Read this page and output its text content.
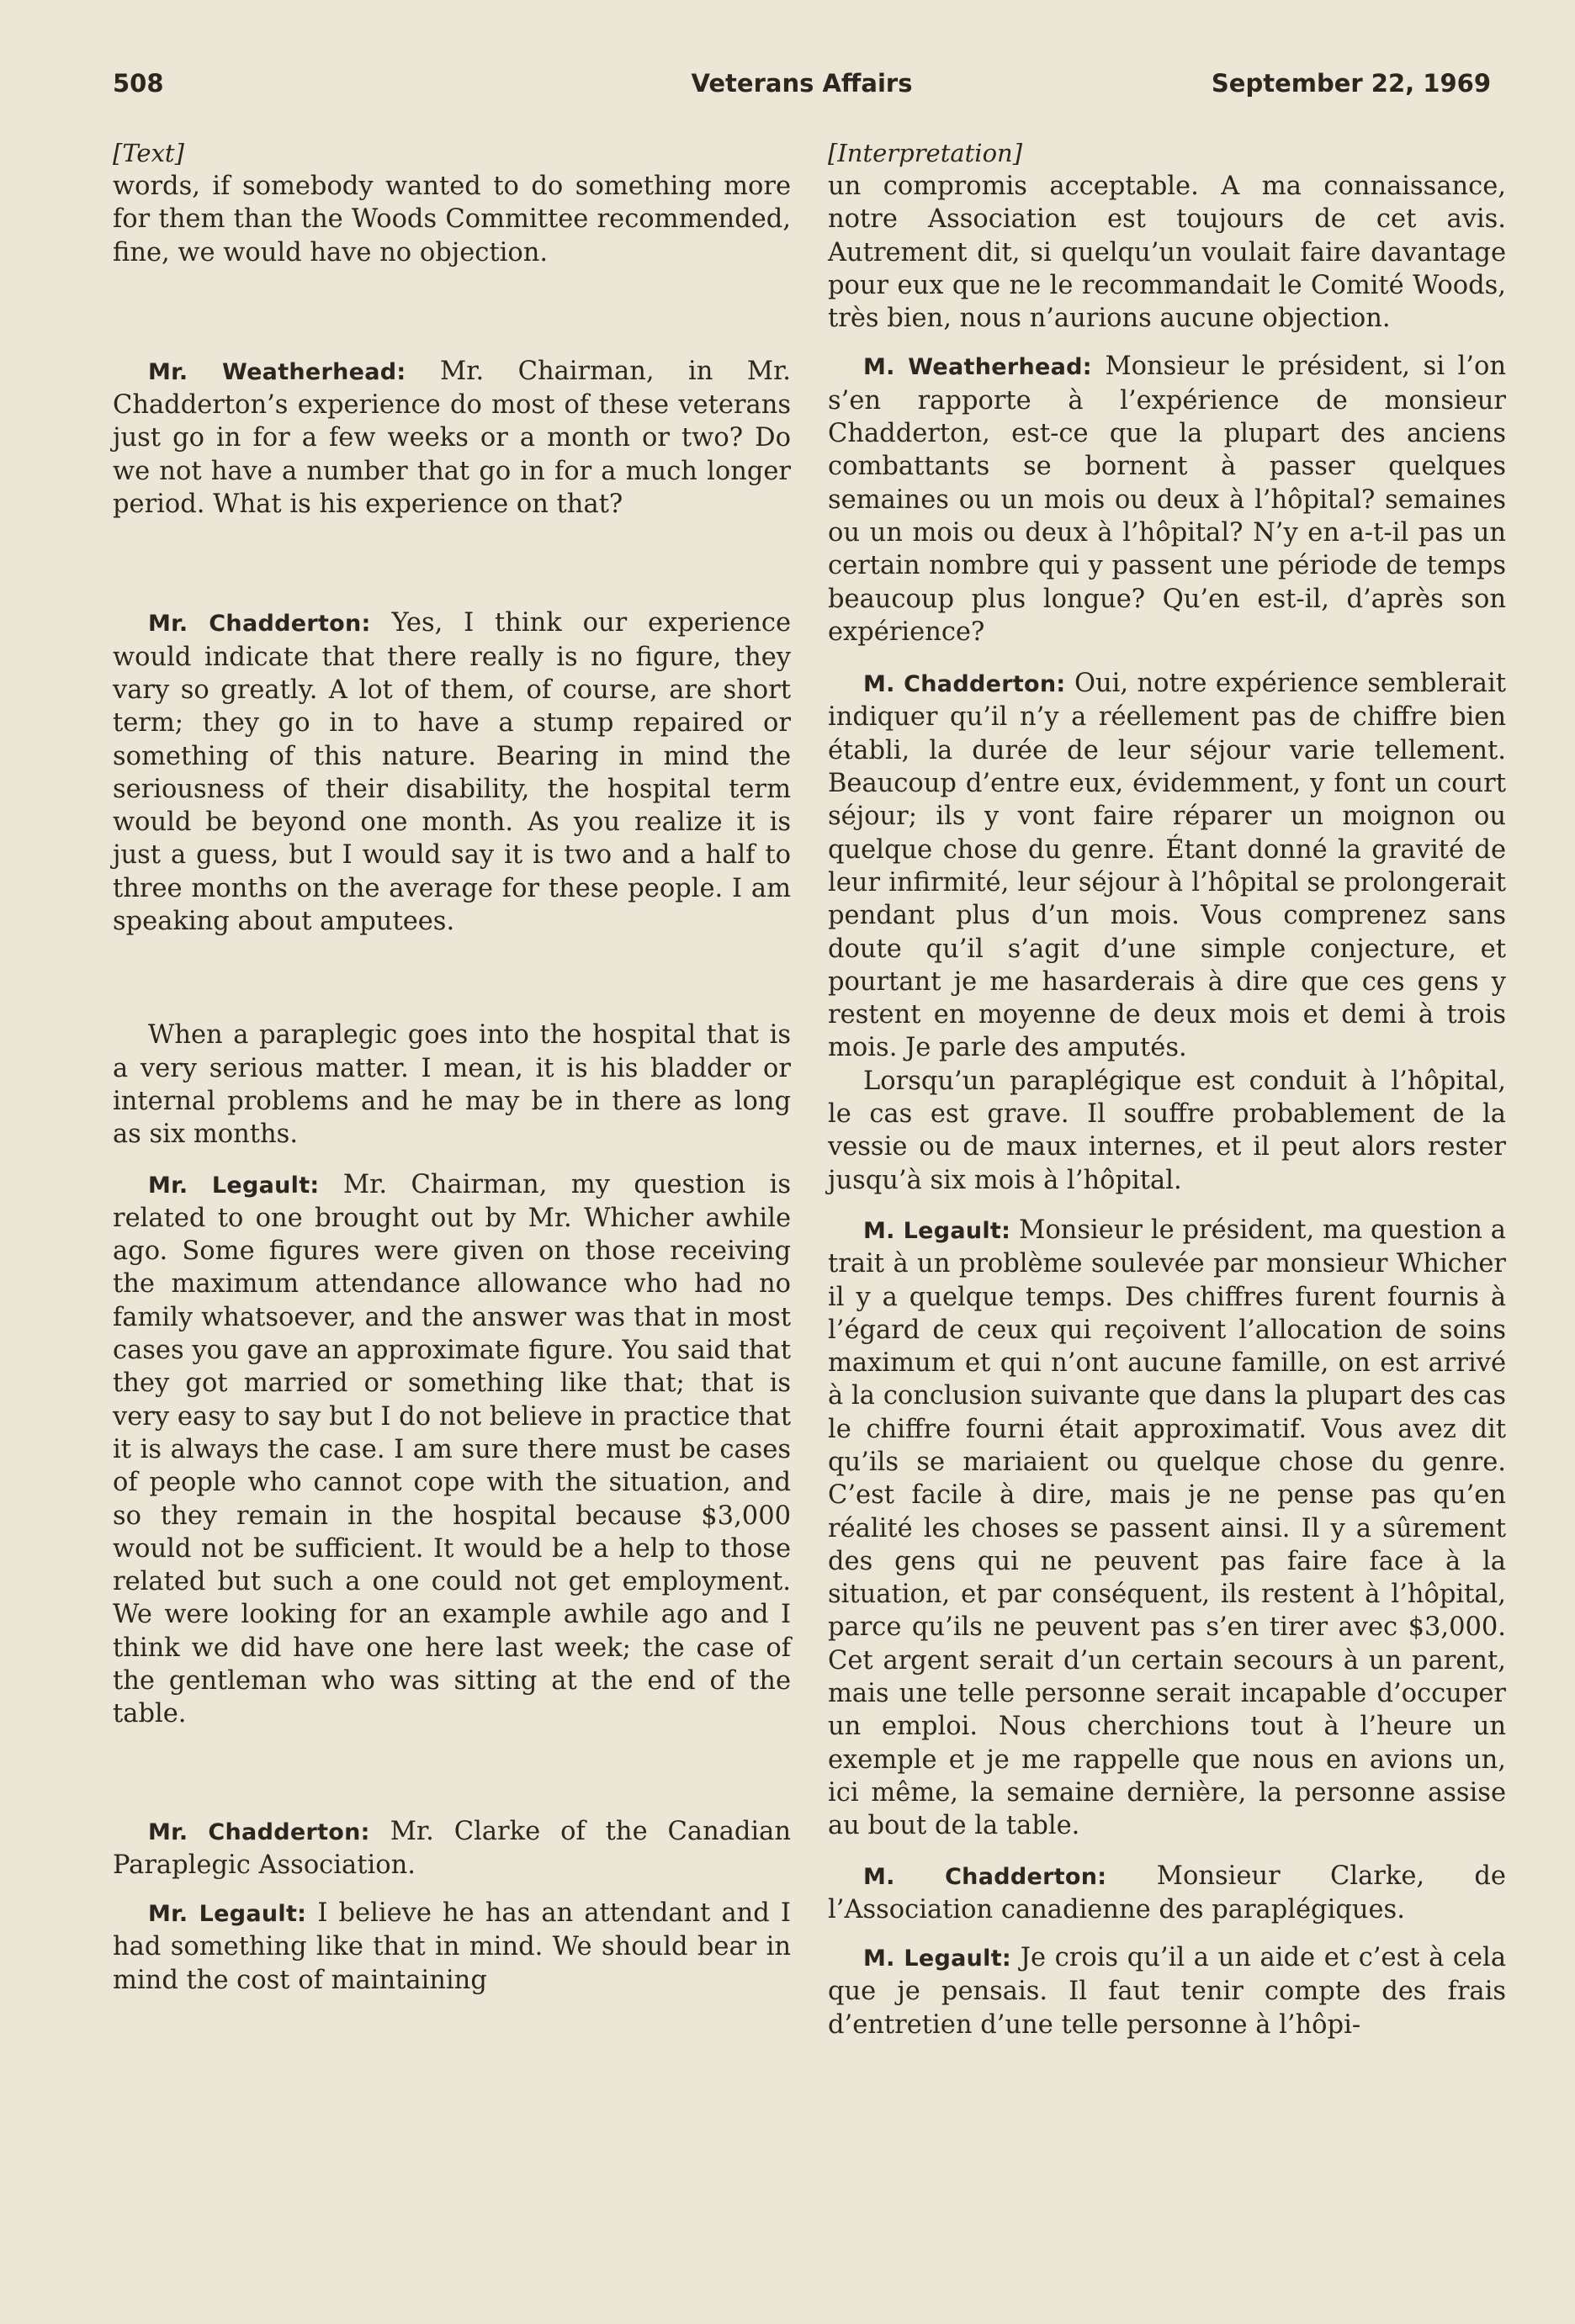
508	Veterans Affairs	September 22, 1969
[Text]

words, if somebody wanted to do something more for them than the Woods Committee recommended, fine, we would have no objection.

Mr. Weatherhead: Mr. Chairman, in Mr. Chadderton’s experience do most of these veterans just go in for a few weeks or a month or two? Do we not have a number that go in for a much longer period. What is his experience on that?

Mr. Chadderton: Yes, I think our experience would indicate that there really is no figure, they vary so greatly. A lot of them, of course, are short term; they go in to have a stump repaired or something of this nature. Bearing in mind the seriousness of their disability, the hospital term would be beyond one month. As you realize it is just a guess, but I would say it is two and a half to three months on the average for these people. I am speaking about amputees.

When a paraplegic goes into the hospital that is a very serious matter. I mean, it is his bladder or internal problems and he may be in there as long as six months.

Mr. Legault: Mr. Chairman, my question is related to one brought out by Mr. Whicher awhile ago. Some figures were given on those receiving the maximum attendance allowance who had no family whatsoever, and the answer was that in most cases you gave an approximate figure. You said that they got married or something like that; that is very easy to say but I do not believe in practice that it is always the case. I am sure there must be cases of people who cannot cope with the situation, and so they remain in the hospital because $3,000 would not be sufficient. It would be a help to those related but such a one could not get employment. We were looking for an example awhile ago and I think we did have one here last week; the case of the gentleman who was sitting at the end of the table.

Mr. Chadderton: Mr. Clarke of the Canadian Paraplegic Association.

Mr. Legault: I believe he has an attendant and I had something like that in mind. We should bear in mind the cost of maintaining

[Interpretation]

un compromis acceptable. A ma connaissance, notre Association est toujours de cet avis. Autrement dit, si quelqu’un voulait faire davantage pour eux que ne le recommandait le Comité Woods, très bien, nous n’aurions aucune objection.

M. Weatherhead: Monsieur le président, si l’on s’en rapporte à l’expérience de monsieur Chadderton, est-ce que la plupart des anciens combattants se bornent à passer quelques semaines ou un mois ou deux à l’hôpital? semaines ou un mois ou deux à l’hôpital? N’y en a-t-il pas un certain nombre qui y passent une période de temps beaucoup plus longue? Qu’en est-il, d’après son expérience?

M. Chadderton: Oui, notre expérience semblerait indiquer qu’il n’y a réellement pas de chiffre bien établi, la durée de leur séjour varie tellement. Beaucoup d’entre eux, évidemment, y font un court séjour; ils y vont faire réparer un moignon ou quelque chose du genre. Étant donné la gravité de leur infirmité, leur séjour à l’hôpital se prolongerait pendant plus d’un mois. Vous comprenez sans doute qu’il s’agit d’une simple conjecture, et pourtant je me hasarderais à dire que ces gens y restent en moyenne de deux mois et demi à trois mois. Je parle des amputés.

Lorsqu’un paraplégique est conduit à l’hôpital, le cas est grave. Il souffre probablement de la vessie ou de maux internes, et il peut alors rester jusqu’à six mois à l’hôpital.

M. Legault: Monsieur le président, ma question a trait à un problème soulevée par monsieur Whicher il y a quelque temps. Des chiffres furent fournis à l’égard de ceux qui reçoivent l’allocation de soins maximum et qui n’ont aucune famille, on est arrivé à la conclusion suivante que dans la plupart des cas le chiffre fourni était approximatif. Vous avez dit qu’ils se mariaient ou quelque chose du genre. C’est facile à dire, mais je ne pense pas qu’en réalité les choses se passent ainsi. Il y a sûrement des gens qui ne peuvent pas faire face à la situation, et par conséquent, ils restent à l’hôpital, parce qu’ils ne peuvent pas s’en tirer avec $3,000. Cet argent serait d’un certain secours à un parent, mais une telle personne serait incapable d’occuper un emploi. Nous cherchions tout à l’heure un exemple et je me rappelle que nous en avions un, ici même, la semaine dernière, la personne assise au bout de la table.

M. Chadderton: Monsieur Clarke, de l’Association canadienne des paraplégiques.

M. Legault: Je crois qu’il a un aide et c’est à cela que je pensais. Il faut tenir compte des frais d’entretien d’une telle personne à l’hôpi-
